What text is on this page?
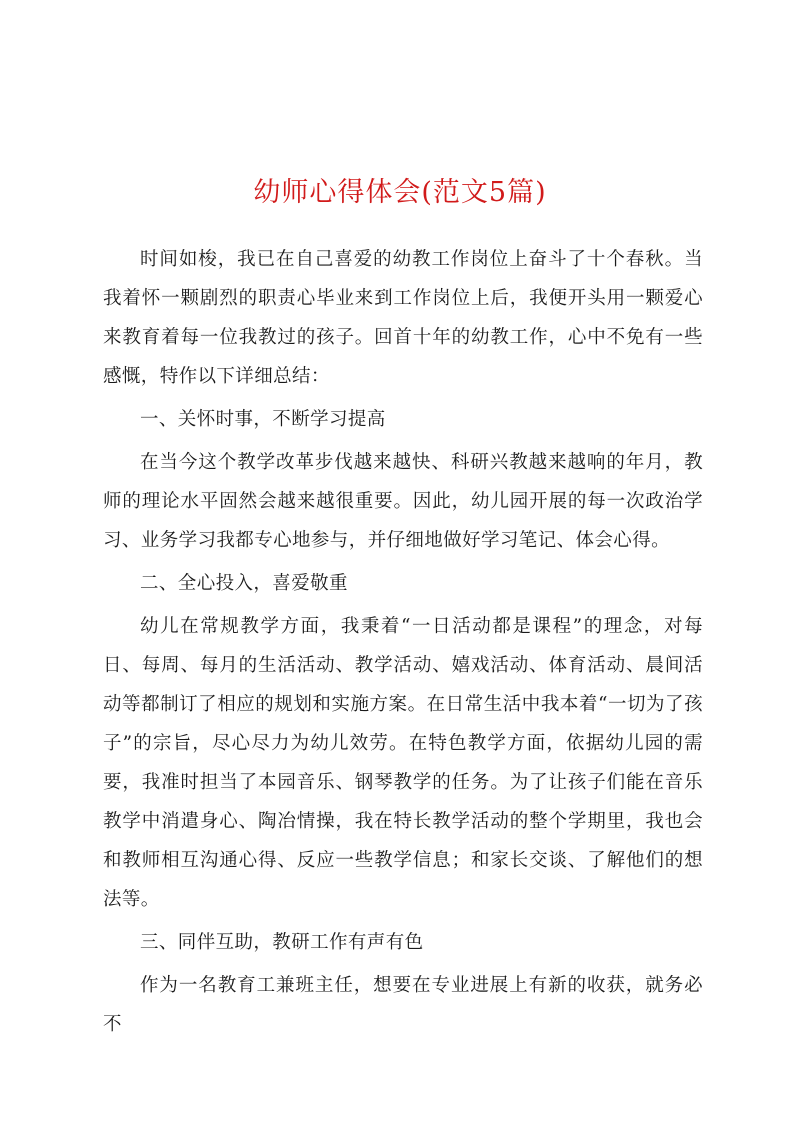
幼师心得体会(范文5篇)

时间如梭，我已在自己喜爱的幼教工作岗位上奋斗了十个春秋。当我着怀一颗剧烈的职责心毕业来到工作岗位上后，我便开头用一颗爱心来教育着每一位我教过的孩子。回首十年的幼教工作，心中不免有一些感慨，特作以下详细总结：

一、关怀时事，不断学习提高

在当今这个教学改革步伐越来越快、科研兴教越来越响的年月，教师的理论水平固然会越来越很重要。因此，幼儿园开展的每一次政治学习、业务学习我都专心地参与，并仔细地做好学习笔记、体会心得。

二、全心投入，喜爱敬重

幼儿在常规教学方面，我秉着“一日活动都是课程”的理念，对每日、每周、每月的生活活动、教学活动、嬉戏活动、体育活动、晨间活动等都制订了相应的规划和实施方案。在日常生活中我本着“一切为了孩子”的宗旨，尽心尽力为幼儿效劳。在特色教学方面，依据幼儿园的需要，我准时担当了本园音乐、钢琴教学的任务。为了让孩子们能在音乐教学中消遣身心、陶冶情操，我在特长教学活动的整个学期里，我也会和教师相互沟通心得、反应一些教学信息；和家长交谈、了解他们的想法等。

三、同伴互助，教研工作有声有色

作为一名教育工兼班主任，想要在专业进展上有新的收获，就务必不
